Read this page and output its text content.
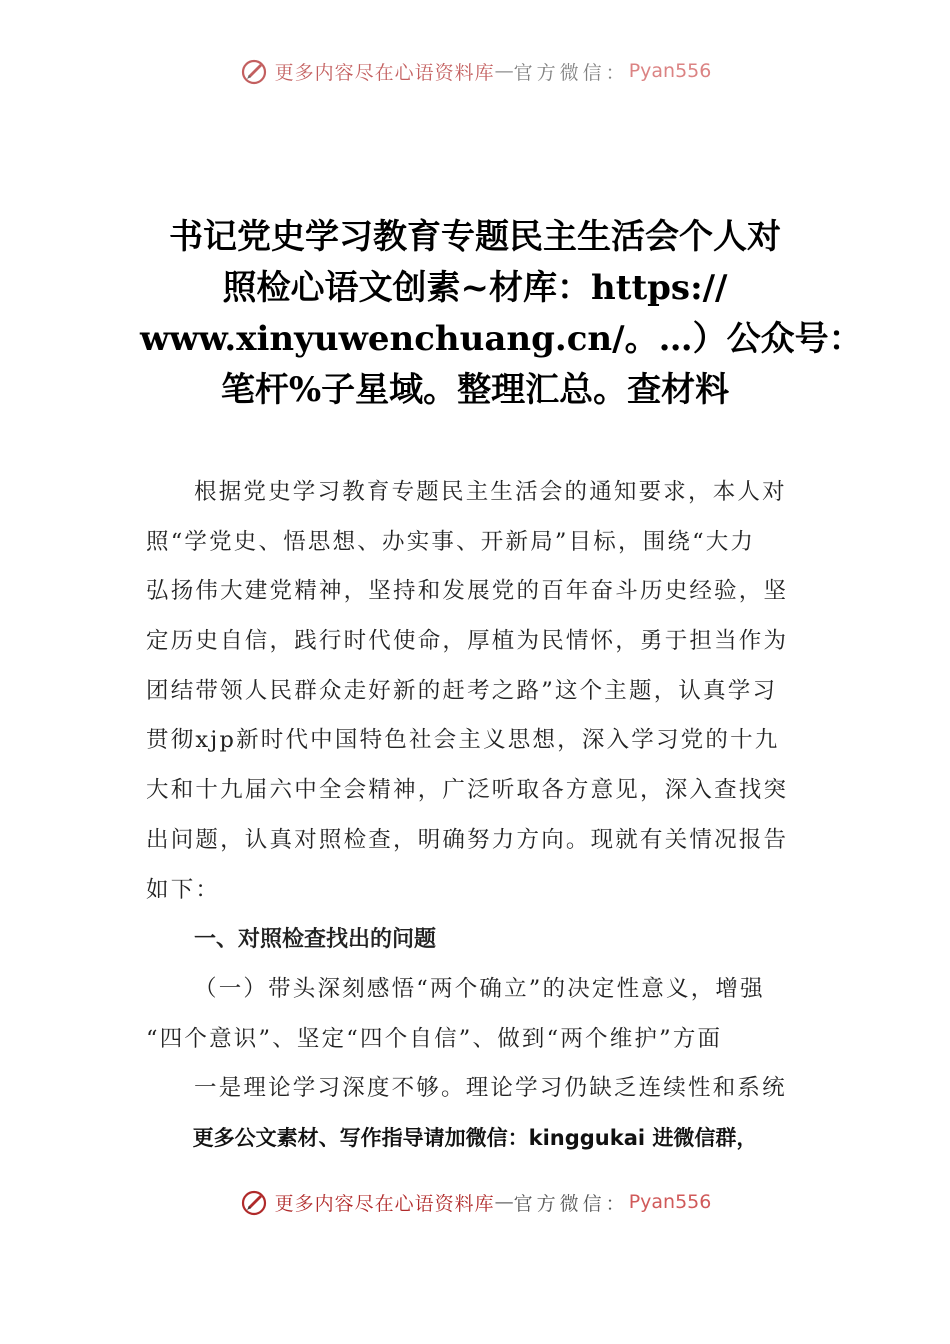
更多内容尽在心语资料库 — 官方微信： Pyan556
书记党史学习教育专题民主生活会个人对
照检心语文创素~材库：https://
www.xinyuwenchuang.cn/。…）公众号：
笔杆%子星域。整理汇总。查材料
根据党史学习教育专题民主生活会的通知要求，本人对
照“学党史、悟思想、办实事、开新局”目标，围绕“大力
弘扬伟大建党精神，坚持和发展党的百年奋斗历史经验，坚
定历史自信，践行时代使命，厚植为民情怀，勇于担当作为
团结带领人民群众走好新的赶考之路”这个主题，认真学习
贯彻xjp新时代中国特色社会主义思想，深入学习党的十九
大和十九届六中全会精神，广泛听取各方意见，深入查找突
出问题，认真对照检查，明确努力方向。现就有关情况报告
如下：
一、对照检查找出的问题
（一）带头深刻感悟“两个确立”的决定性意义，增强
“四个意识”、坚定“四个自信”、做到“两个维护”方面
一是理论学习深度不够。理论学习仍缺乏连续性和系统
更多公文素材、写作指导请加微信：kinggukai 进微信群，
更多内容尽在心语资料库 — 官方微信： Pyan556
